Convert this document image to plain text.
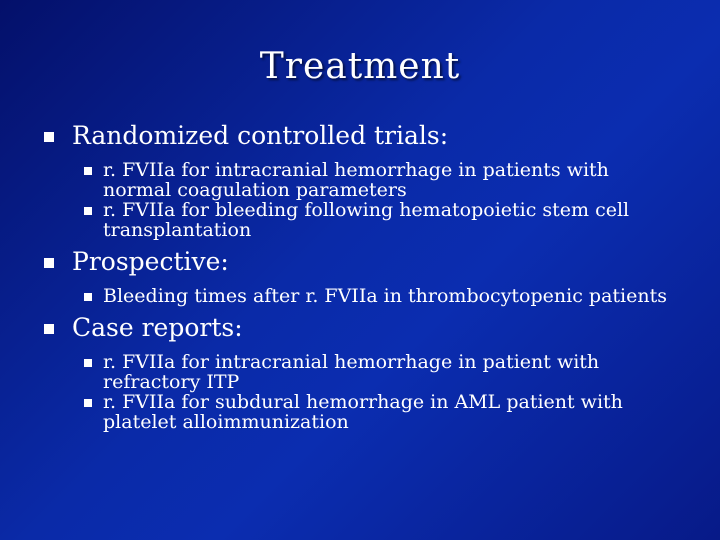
Treatment
Randomized controlled trials:
r. FVIIa for intracranial hemorrhage in patients with normal coagulation parameters
r. FVIIa for bleeding following hematopoietic stem cell transplantation
Prospective:
Bleeding times after r. FVIIa in thrombocytopenic patients
Case reports:
r. FVIIa for intracranial hemorrhage in patient with refractory ITP
r. FVIIa for subdural hemorrhage in AML patient with platelet alloimmunization
